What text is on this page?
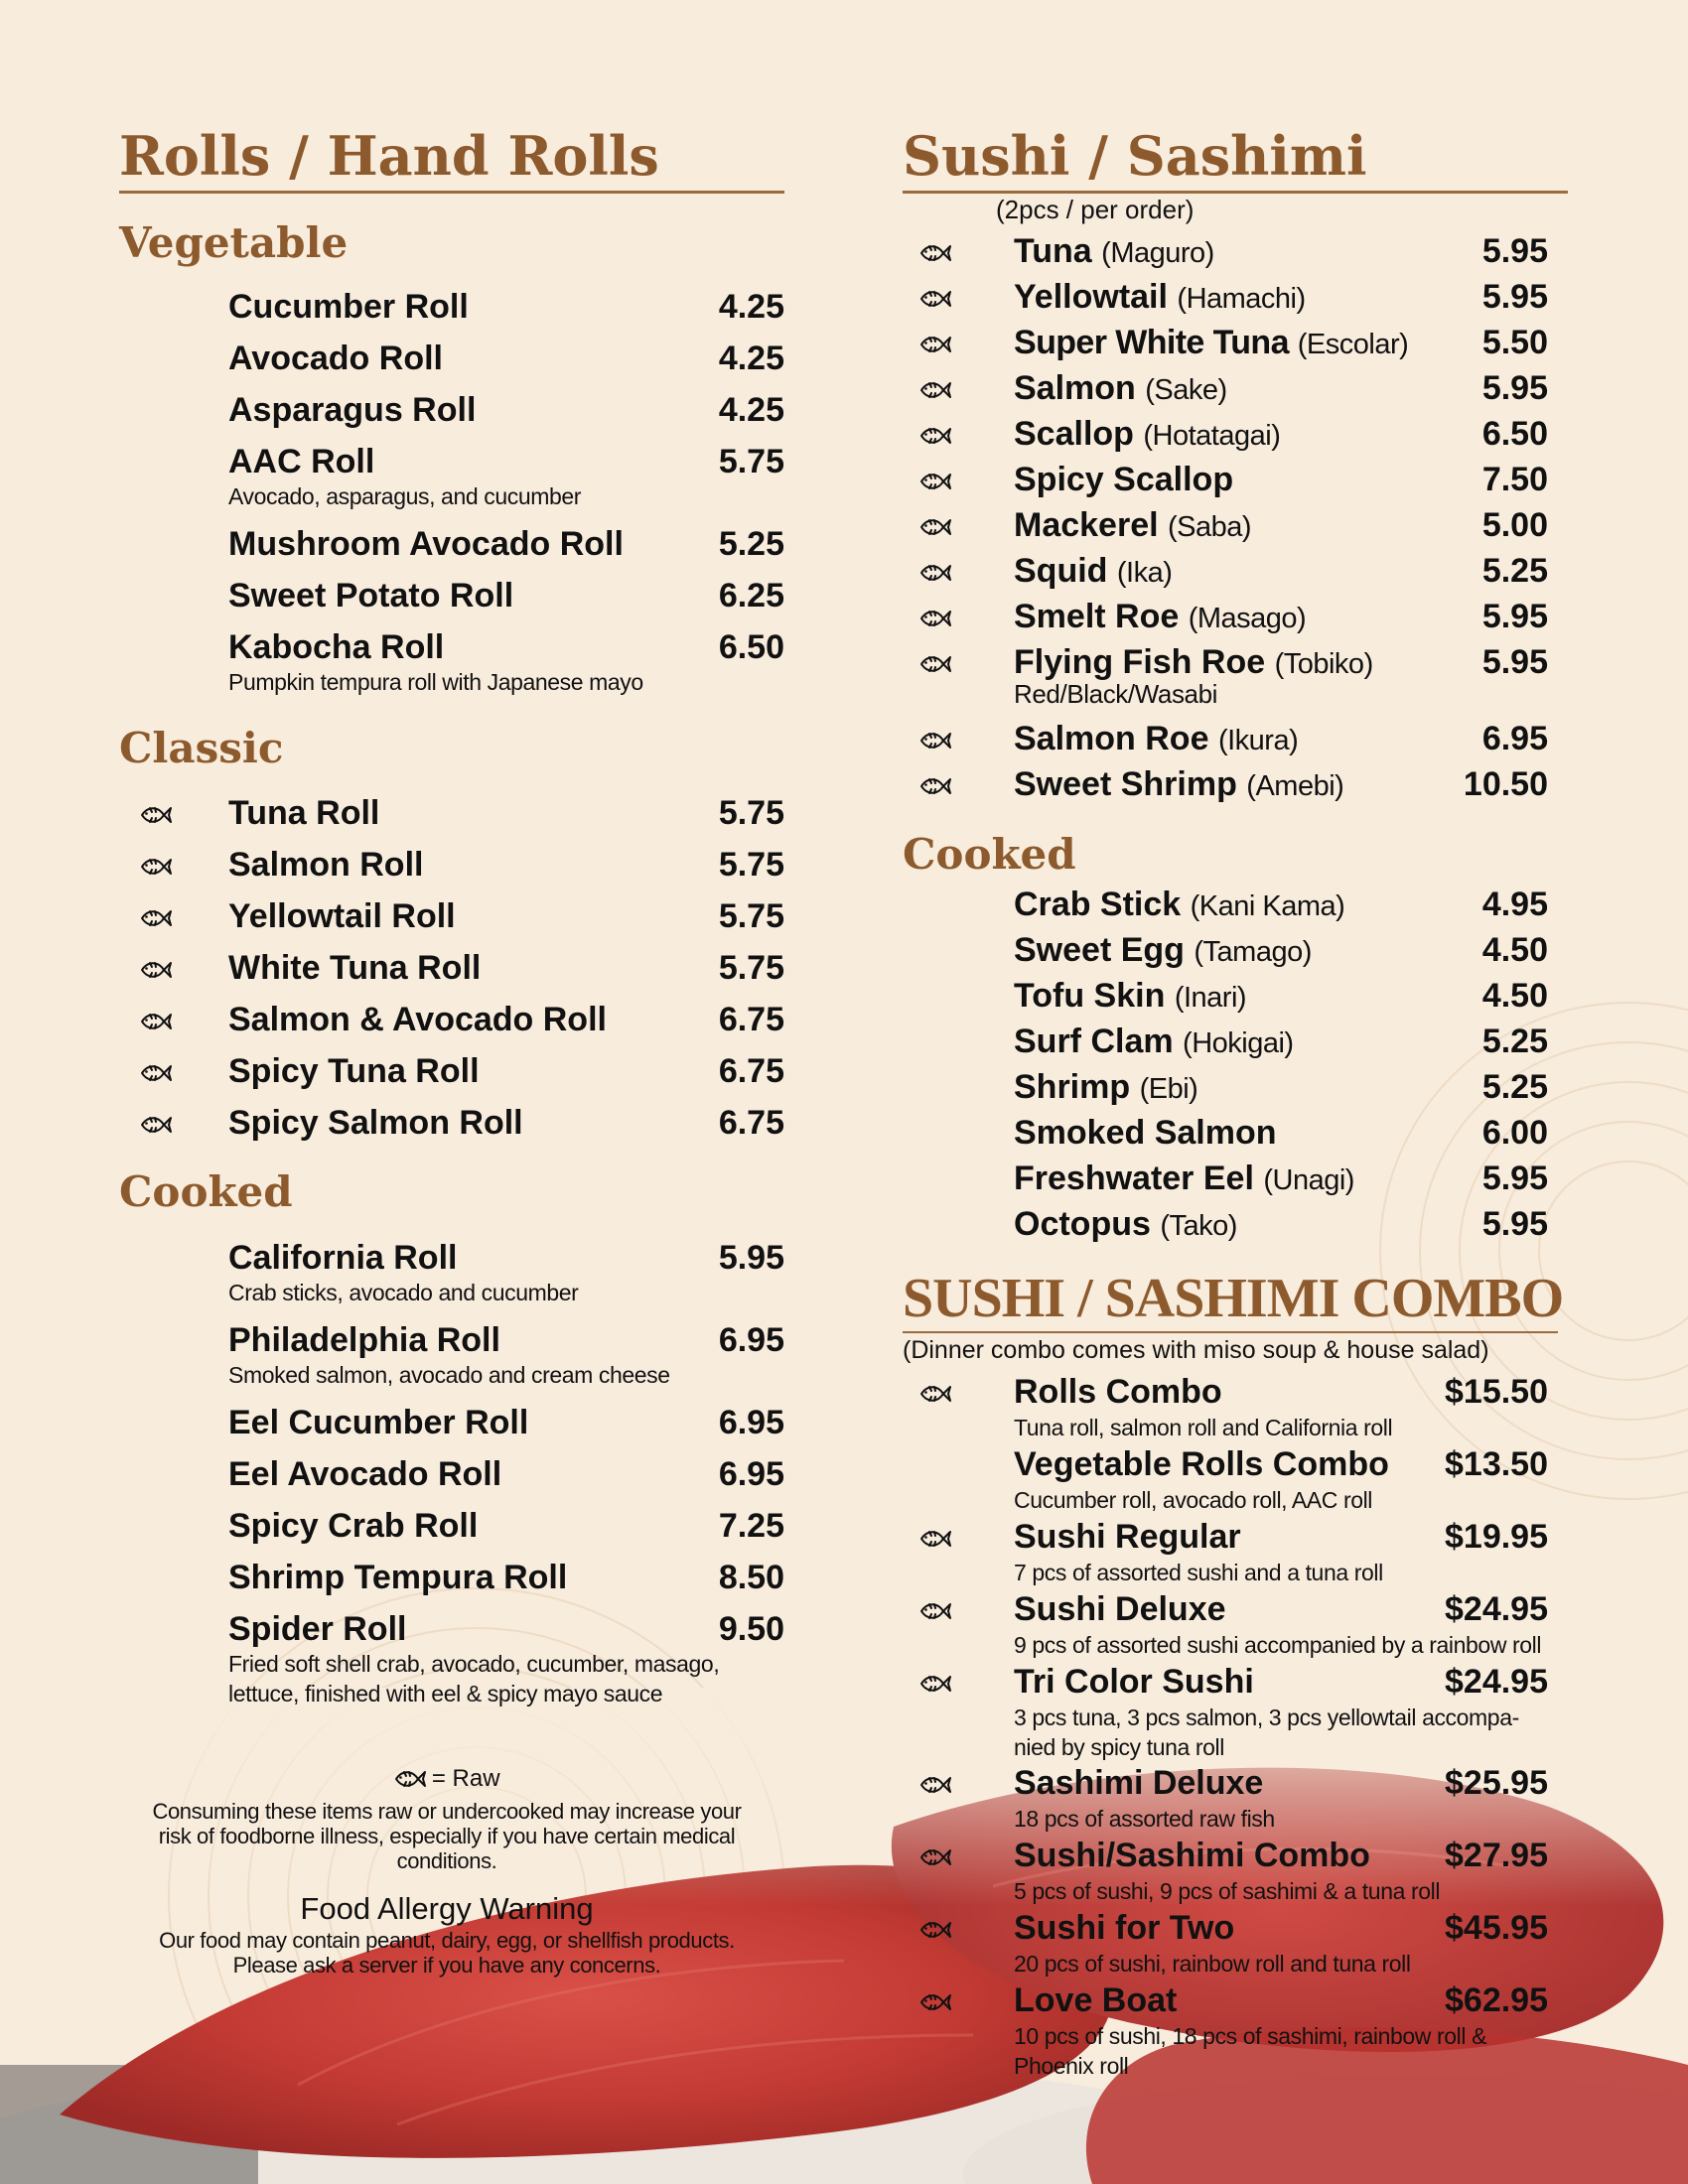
Rolls / Hand Rolls
Vegetable
Cucumber Roll	4.25
Avocado Roll	4.25
Asparagus Roll	4.25
AAC Roll	5.75
Avocado, asparagus, and cucumber
Mushroom Avocado Roll	5.25
Sweet Potato Roll	6.25
Kabocha Roll	6.50
Pumpkin tempura roll with Japanese mayo
Classic
Tuna Roll	5.75
Salmon Roll	5.75
Yellowtail Roll	5.75
White Tuna Roll	5.75
Salmon & Avocado Roll	6.75
Spicy Tuna Roll	6.75
Spicy Salmon Roll	6.75
Cooked
California Roll	5.95
Crab sticks, avocado and cucumber
Philadelphia Roll	6.95
Smoked salmon, avocado and cream cheese
Eel Cucumber Roll	6.95
Eel Avocado Roll	6.95
Spicy Crab Roll	7.25
Shrimp Tempura Roll	8.50
Spider Roll	9.50
Fried soft shell crab, avocado, cucumber, masago, lettuce, finished with eel & spicy mayo sauce
= Raw
Consuming these items raw or undercooked may increase your risk of foodborne illness, especially if you have certain medical conditions.
Food Allergy Warning
Our food may contain peanut, dairy, egg, or shellfish products. Please ask a server if you have any concerns.
Sushi / Sashimi
(2pcs / per order)
Tuna (Maguro)	5.95
Yellowtail (Hamachi)	5.95
Super White Tuna (Escolar)	5.50
Salmon (Sake)	5.95
Scallop (Hotatagai)	6.50
Spicy Scallop	7.50
Mackerel (Saba)	5.00
Squid (Ika)	5.25
Smelt Roe (Masago)	5.95
Flying Fish Roe (Tobiko)	5.95
Red/Black/Wasabi
Salmon Roe (Ikura)	6.95
Sweet Shrimp (Amebi)	10.50
Cooked
Crab Stick (Kani Kama)	4.95
Sweet Egg (Tamago)	4.50
Tofu Skin (Inari)	4.50
Surf Clam (Hokigai)	5.25
Shrimp (Ebi)	5.25
Smoked Salmon	6.00
Freshwater Eel (Unagi)	5.95
Octopus (Tako)	5.95
SUSHI / SASHIMI COMBO
(Dinner combo comes with miso soup & house salad)
Rolls Combo	$15.50
Tuna roll, salmon roll and California roll
Vegetable Rolls Combo	$13.50
Cucumber roll, avocado roll, AAC roll
Sushi Regular	$19.95
7 pcs of assorted sushi and a tuna roll
Sushi Deluxe	$24.95
9 pcs of assorted sushi accompanied by a rainbow roll
Tri Color Sushi	$24.95
3 pcs tuna, 3 pcs salmon, 3 pcs yellowtail accompa-nied by spicy tuna roll
Sashimi Deluxe	$25.95
18 pcs of assorted raw fish
Sushi/Sashimi Combo	$27.95
5 pcs of sushi, 9 pcs of sashimi & a tuna roll
Sushi for Two	$45.95
20 pcs of sushi, rainbow roll and tuna roll
Love Boat	$62.95
10 pcs of sushi, 18 pcs of sashimi, rainbow roll & Phoenix roll
